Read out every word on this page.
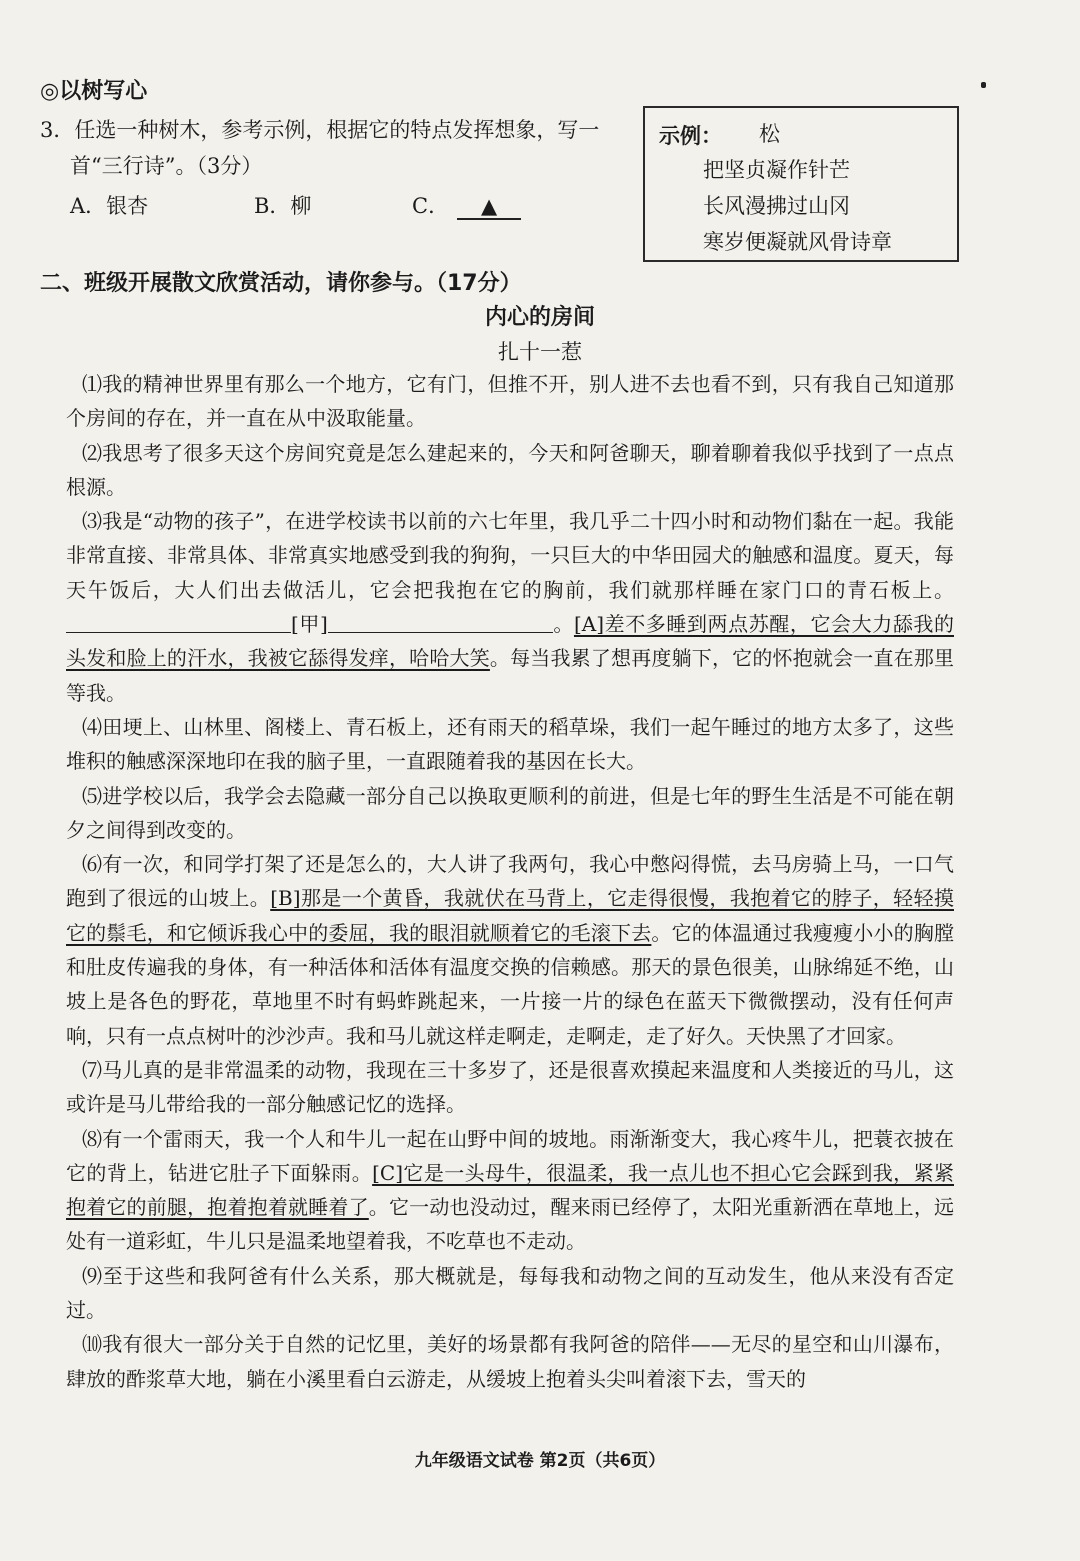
◎以树写心
3．任选一种树木，参考示例，根据它的特点发挥想象，写一
首“三行诗”。（3分）
A．银杏	B．柳	C． ▲
示例： 松
把坚贞凝作针芒
长风漫拂过山冈
寒岁便凝就风骨诗章
二、班级开展散文欣赏活动，请你参与。（17分）
内心的房间
扎十一惹

⑴我的精神世界里有那么一个地方，它有门，但推不开，别人进不去也看不到，只有我自己知道那个房间的存在，并一直在从中汲取能量。

⑵我思考了很多天这个房间究竟是怎么建起来的，今天和阿爸聊天，聊着聊着我似乎找到了一点点根源。

⑶我是“动物的孩子”，在进学校读书以前的六七年里，我几乎二十四小时和动物们黏在一起。我能非常直接、非常具体、非常真实地感受到我的狗狗，一只巨大的中华田园犬的触感和温度。夏天，每天午饭后，大人们出去做活儿，它会把我抱在它的胸前，我们就那样睡在家门口的青石板上。[甲]	。[A]差不多睡到两点苏醒，它会大力舔我的头发和脸上的汗水，我被它舔得发痒，哈哈大笑。每当我累了想再度躺下，它的怀抱就会一直在那里等我。

⑷田埂上、山林里、阁楼上、青石板上，还有雨天的稻草垛，我们一起午睡过的地方太多了，这些堆积的触感深深地印在我的脑子里，一直跟随着我的基因在长大。

⑸进学校以后，我学会去隐藏一部分自己以换取更顺利的前进，但是七年的野生生活是不可能在朝夕之间得到改变的。

⑹有一次，和同学打架了还是怎么的，大人讲了我两句，我心中憋闷得慌，去马房骑上马，一口气跑到了很远的山坡上。[B]那是一个黄昏，我就伏在马背上，它走得很慢，我抱着它的脖子，轻轻摸它的鬃毛，和它倾诉我心中的委屈，我的眼泪就顺着它的毛滚下去。它的体温通过我瘦瘦小小的胸膛和肚皮传遍我的身体，有一种活体和活体有温度交换的信赖感。那天的景色很美，山脉绵延不绝，山坡上是各色的野花，草地里不时有蚂蚱跳起来，一片接一片的绿色在蓝天下微微摆动，没有任何声响，只有一点点树叶的沙沙声。我和马儿就这样走啊走，走啊走，走了好久。天快黑了才回家。

⑺马儿真的是非常温柔的动物，我现在三十多岁了，还是很喜欢摸起来温度和人类接近的马儿，这或许是马儿带给我的一部分触感记忆的选择。

⑻有一个雷雨天，我一个人和牛儿一起在山野中间的坡地。雨渐渐变大，我心疼牛儿，把蓑衣披在它的背上，钻进它肚子下面躲雨。[C]它是一头母牛，很温柔，我一点儿也不担心它会踩到我，紧紧抱着它的前腿，抱着抱着就睡着了。它一动也没动过，醒来雨已经停了，太阳光重新洒在草地上，远处有一道彩虹，牛儿只是温柔地望着我，不吃草也不走动。

⑼至于这些和我阿爸有什么关系，那大概就是，每每我和动物之间的互动发生，他从来没有否定过。

⑽我有很大一部分关于自然的记忆里，美好的场景都有我阿爸的陪伴——无尽的星空和山川瀑布，肆放的酢浆草大地，躺在小溪里看白云游走，从缓坡上抱着头尖叫着滚下去，雪天的

九年级语文试卷 第2页（共6页）
